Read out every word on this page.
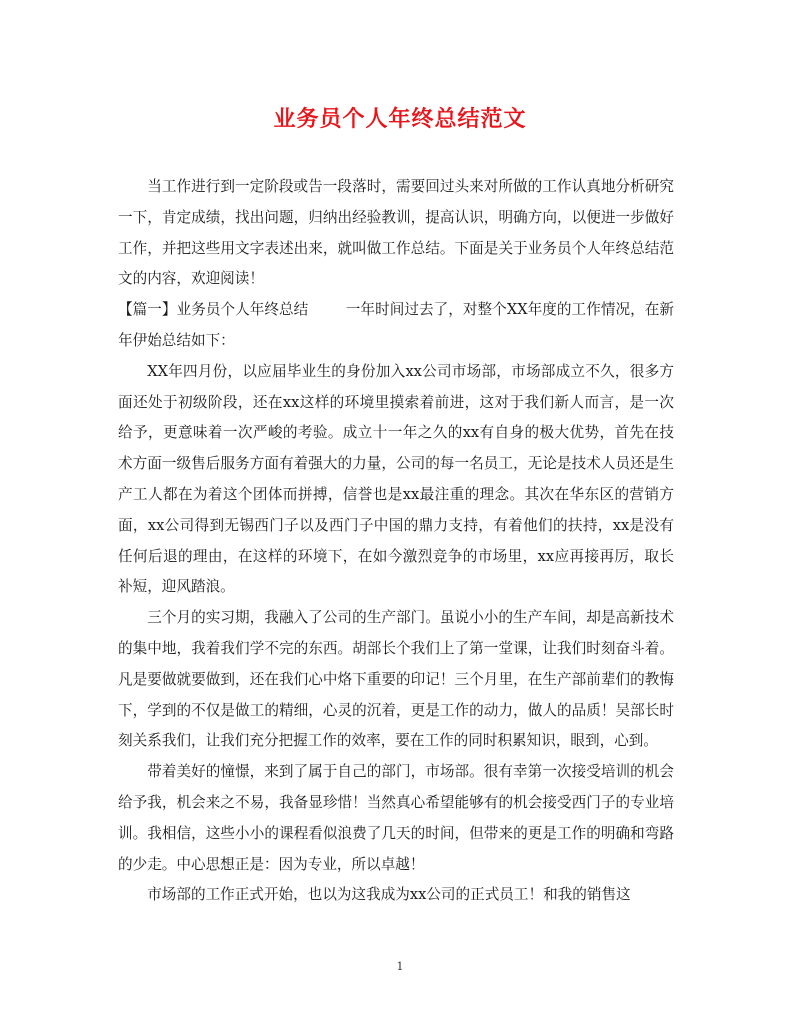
业务员个人年终总结范文

当工作进行到一定阶段或告一段落时，需要回过头来对所做的工作认真地分析研究一下，肯定成绩，找出问题，归纳出经验教训，提高认识，明确方向，以便进一步做好工作，并把这些用文字表述出来，就叫做工作总结。下面是关于业务员个人年终总结范文的内容，欢迎阅读！

【篇一】业务员个人年终总结        一年时间过去了，对整个XX年度的工作情况，在新年伊始总结如下：

XX年四月份，以应届毕业生的身份加入xx公司市场部，市场部成立不久，很多方面还处于初级阶段，还在xx这样的环境里摸索着前进，这对于我们新人而言，是一次给予，更意味着一次严峻的考验。成立十一年之久的xx有自身的极大优势，首先在技术方面一级售后服务方面有着强大的力量，公司的每一名员工，无论是技术人员还是生产工人都在为着这个团体而拼搏，信誉也是xx最注重的理念。其次在华东区的营销方面，xx公司得到无锡西门子以及西门子中国的鼎力支持，有着他们的扶持，xx是没有任何后退的理由，在这样的环境下，在如今激烈竞争的市场里，xx应再接再厉，取长补短，迎风踏浪。

三个月的实习期，我融入了公司的生产部门。虽说小小的生产车间，却是高新技术的集中地，我着我们学不完的东西。胡部长个我们上了第一堂课，让我们时刻奋斗着。凡是要做就要做到，还在我们心中烙下重要的印记！三个月里，在生产部前辈们的教悔下，学到的不仅是做工的精细，心灵的沉着，更是工作的动力，做人的品质！吴部长时刻关系我们，让我们充分把握工作的效率，要在工作的同时积累知识，眼到，心到。

带着美好的憧憬，来到了属于自己的部门，市场部。很有幸第一次接受培训的机会给予我，机会来之不易，我备显珍惜！当然真心希望能够有的机会接受西门子的专业培训。我相信，这些小小的课程看似浪费了几天的时间，但带来的更是工作的明确和弯路的少走。中心思想正是：因为专业，所以卓越！

市场部的工作正式开始，也以为这我成为xx公司的正式员工！和我的销售这

1
